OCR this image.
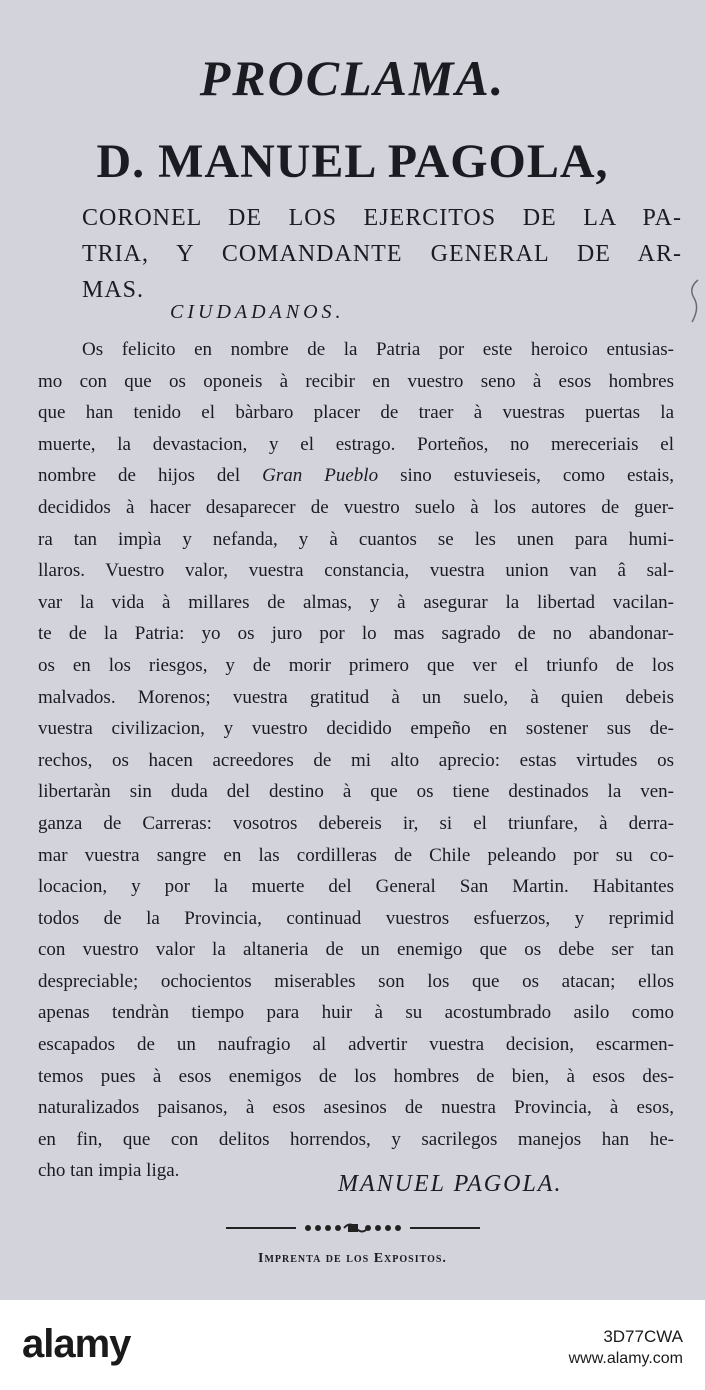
PROCLAMA.
D. MANUEL PAGOLA,
CORONEL DE LOS EJERCITOS DE LA PA-
TRIA, Y COMANDANTE GENERAL DE AR-
MAS.
CIUDADANOS.
Os felicito en nombre de la Patria por este heroico entusias-
mo con que os oponeis à recibir en vuestro seno à esos hombres
que han tenido el bàrbaro placer de traer à vuestras puertas la
muerte, la devastacion, y el estrago. Porteños, no mereceriais el
nombre de hijos del Gran Pueblo sino estuvieseis, como estais,
decididos à hacer desaparecer de vuestro suelo à los autores de guer-
ra tan impìa y nefanda, y à cuantos se les unen para humi-
llaros. Vuestro valor, vuestra constancia, vuestra union van â sal-
var la vida à millares de almas, y à asegurar la libertad vacilan-
te de la Patria: yo os juro por lo mas sagrado de no abandonar-
os en los riesgos, y de morir primero que ver el triunfo de los
malvados. Morenos; vuestra gratitud à un suelo, à quien debeis
vuestra civilizacion, y vuestro decidido empeño en sostener sus de-
rechos, os hacen acreedores de mi alto aprecio: estas virtudes os
libertaràn sin duda del destino à que os tiene destinados la ven-
ganza de Carreras: vosotros debereis ir, si el triunfare, à derra-
mar vuestra sangre en las cordilleras de Chile peleando por su co-
locacion, y por la muerte del General San Martin. Habitantes
todos de la Provincia, continuad vuestros esfuerzos, y reprimid
con vuestro valor la altaneria de un enemigo que os debe ser tan
despreciable; ochocientos miserables son los que os atacan; ellos
apenas tendràn tiempo para huir à su acostumbrado asilo como
escapados de un naufragio al advertir vuestra decision, escarmen-
temos pues à esos enemigos de los hombres de bien, à esos des-
naturalizados paisanos, à esos asesinos de nuestra Provincia, à esos,
en fin, que con delitos horrendos, y sacrilegos manejos han he-
cho tan impia liga.
MANUEL PAGOLA.
Imprenta de los Expositos.
alamy	3D77CWA
www.alamy.com
